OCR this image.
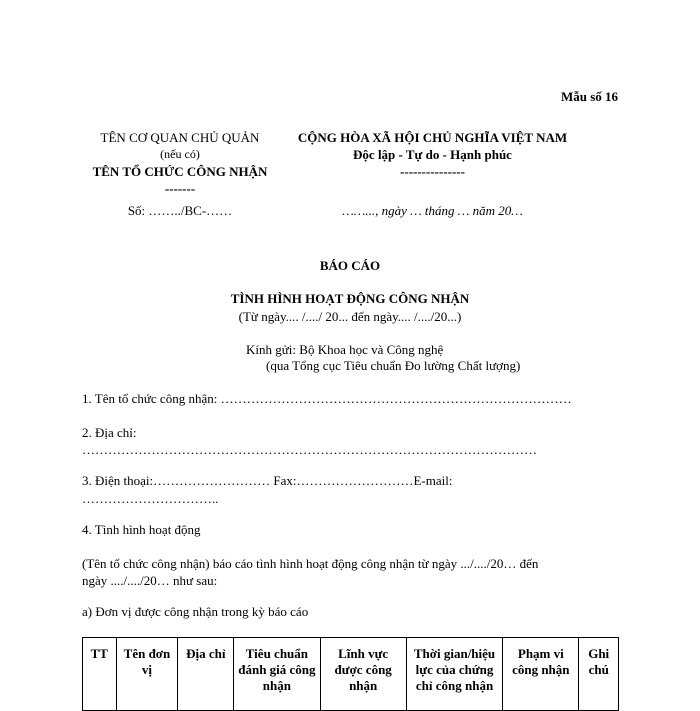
Mẫu số 16
TÊN CƠ QUAN CHỦ QUẢN
(nếu có)
TÊN TỔ CHỨC CÔNG NHẬN
-------
CỘNG HÒA XÃ HỘI CHỦ NGHĨA VIỆT NAM
Độc lập - Tự do - Hạnh phúc
---------------
Số: ……../BC-……	……..., ngày … tháng … năm 20…
BÁO CÁO
TÌNH HÌNH HOẠT ĐỘNG CÔNG NHẬN
(Từ ngày.... /..../ 20... đến ngày.... /..../20...)
Kính gửi: Bộ Khoa học và Công nghệ
(qua Tổng cục Tiêu chuẩn Đo lường Chất lượng)
1. Tên tổ chức công nhận: ………………………………………………………………………
2. Địa chỉ:
……………………………………………………………………………………………
3. Điện thoại:……………………… Fax:………………………E-mail:
…………………………..
4. Tình hình hoạt động
(Tên tổ chức công nhận) báo cáo tình hình hoạt động công nhận từ ngày .../..../20… đến
ngày ..../..../20… như sau:
a) Đơn vị được công nhận trong kỳ báo cáo
TT	Tên đơn vị	Địa chỉ	Tiêu chuẩn đánh giá công nhận	Lĩnh vực được công nhận	Thời gian/hiệu lực của chứng chỉ công nhận	Phạm vi công nhận	Ghi chú
